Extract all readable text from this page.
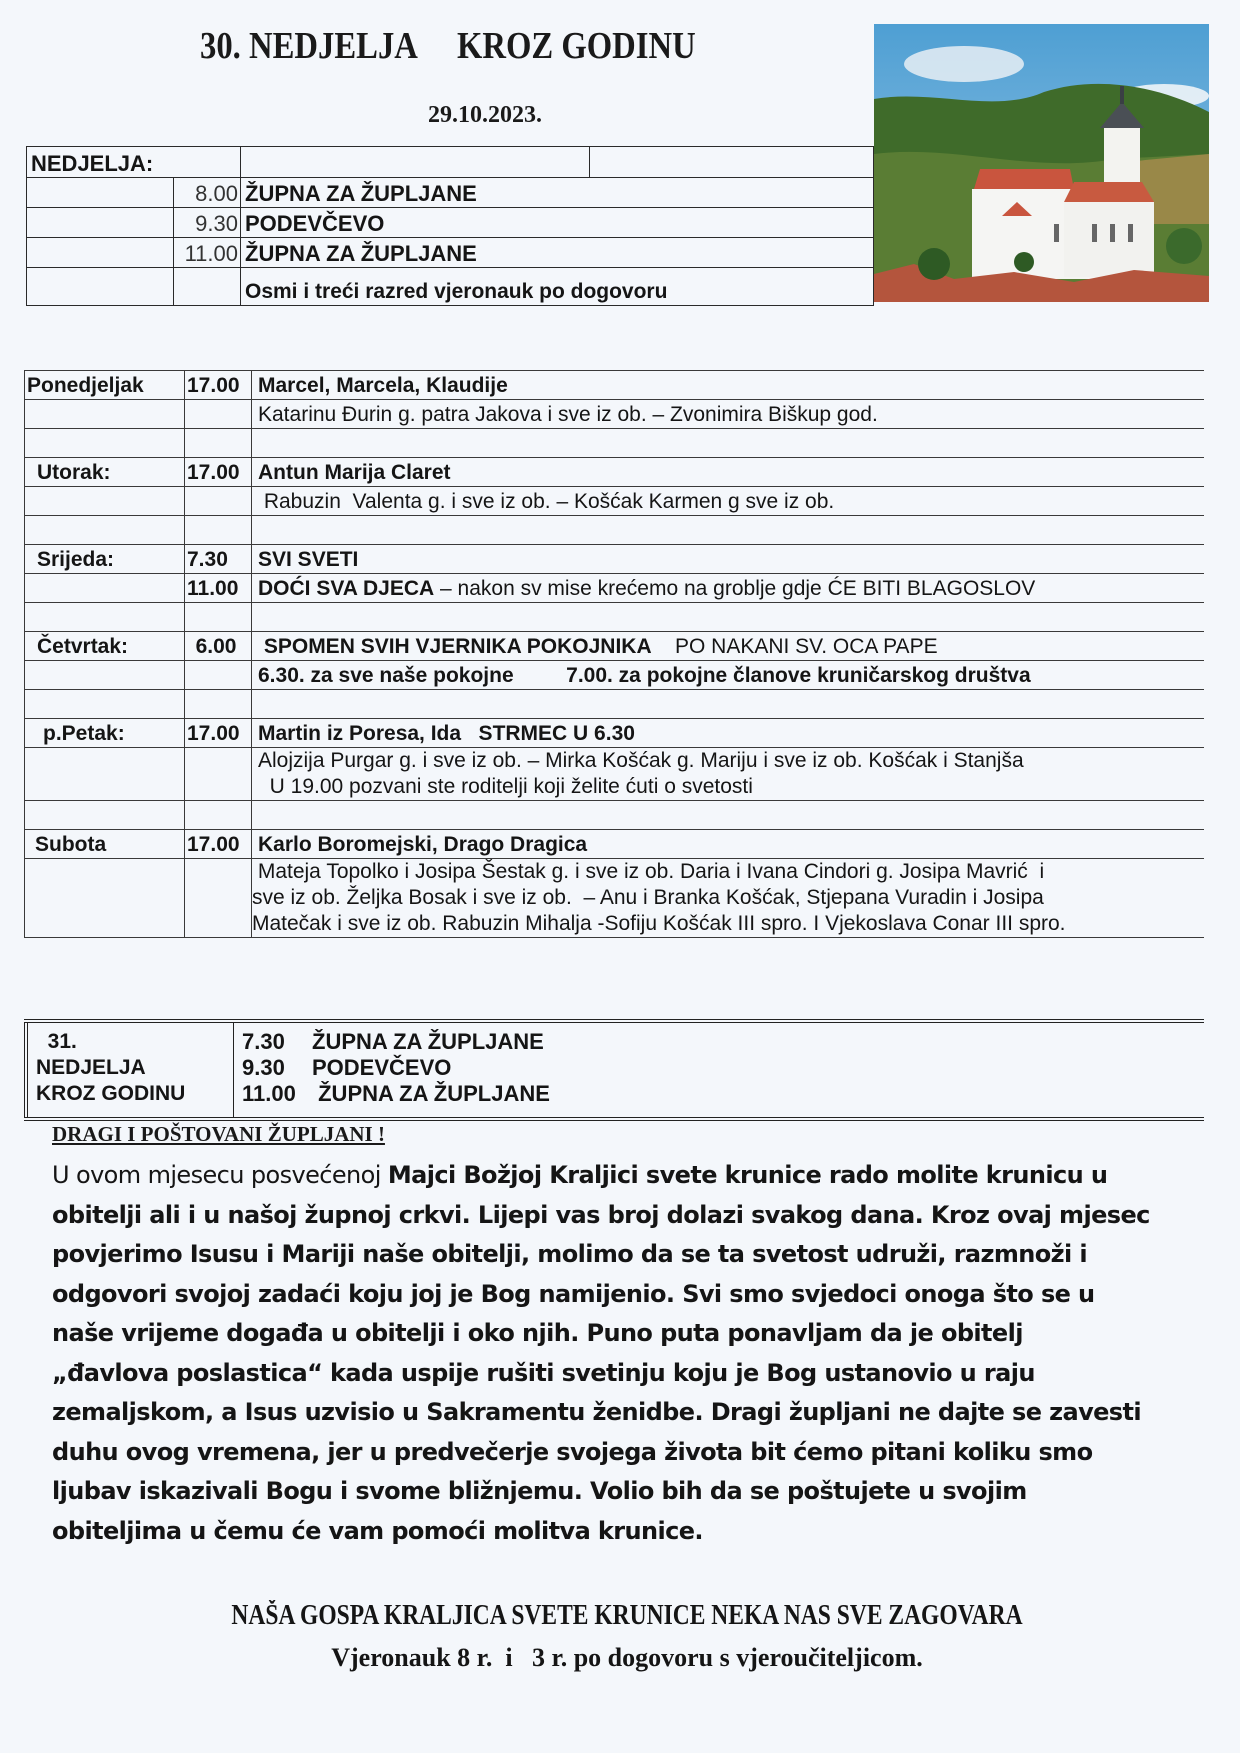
30. NEDJELJA     KROZ GODINU
29.10.2023.
NEDJELJA:			
	8.00	ŽUPNA ZA ŽUPLJANE	
	9.30	PODEVČEVO	
	11.00	ŽUPNA ZA ŽUPLJANE	
		Osmi i treći razred vjeronauk po dogovoru	
Ponedjeljak	17.00	Marcel, Marcela, Klaudije
		Katarinu Đurin g. patra Jakova i sve iz ob. – Zvonimira Biškup god.

Utorak:	17.00	Antun Marija Claret
		Rabuzin  Valenta g. i sve iz ob. – Košćak Karmen g sve iz ob.

Srijeda:	7.30	SVI SVETI
	11.00	DOĆI SVA DJECA – nakon sv mise krećemo na groblje gdje ĆE BITI BLAGOSLOV

Četvrtak:	6.00	SPOMEN SVIH VJERNIKA POKOJNIKA    PO NAKANI SV. OCA PAPE
		6.30. za sve naše pokojne         7.00. za pokojne članove kruničarskog društva

p.Petak:	17.00	Martin iz Poresa, Ida   STRMEC U 6.30

		Alojzija Purgar g. i sve iz ob. – Mirka Košćak g. Mariju i sve iz ob. Košćak i Stanjša
U 19.00 pozvani ste roditelji koji želite ćuti o svetosti

Subota	17.00	Karlo Boromejski, Drago Dragica

		Mateja Topolko i Josipa Šestak g. i sve iz ob. Daria i Ivana Cindori g. Josipa Mavrić  i
sve iz ob. Željka Bosak i sve iz ob.  – Anu i Branka Košćak, Stjepana Vuradin i Josipa
Matečak i sve iz ob. Rabuzin Mihalja -Sofiju Košćak III spro. I Vjekoslava Conar III spro.
31.
NEDJELJA
KROZ GODINU
7.30 ŽUPNA ZA ŽUPLJANE
9.30 PODEVČEVO
11.00 ŽUPNA ZA ŽUPLJANE
DRAGI I POŠTOVANI ŽUPLJANI !
U ovom mjesecu posvećenoj Majci Božjoj Kraljici svete krunice rado molite krunicu u
obitelji ali i u našoj župnoj crkvi. Lijepi vas broj dolazi svakog dana. Kroz ovaj mjesec
povjerimo Isusu i Mariji naše obitelji, molimo da se ta svetost udruži, razmnoži i
odgovori svojoj zadaći koju joj je Bog namijenio. Svi smo svjedoci onoga što se u
naše vrijeme događa u obitelji i oko njih. Puno puta ponavljam da je obitelj
„đavlova poslastica“ kada uspije rušiti svetinju koju je Bog ustanovio u raju
zemaljskom, a Isus uzvisio u Sakramentu ženidbe. Dragi župljani ne dajte se zavesti
duhu ovog vremena, jer u predvečerje svojega života bit ćemo pitani koliku smo
ljubav iskazivali Bogu i svome bližnjemu. Volio bih da se poštujete u svojim
obiteljima u čemu će vam pomoći molitva krunice.
NAŠA GOSPA KRALJICA SVETE KRUNICE NEKA NAS SVE ZAGOVARA
Vjeronauk 8 r.  i   3 r. po dogovoru s vjeroučiteljicom.
